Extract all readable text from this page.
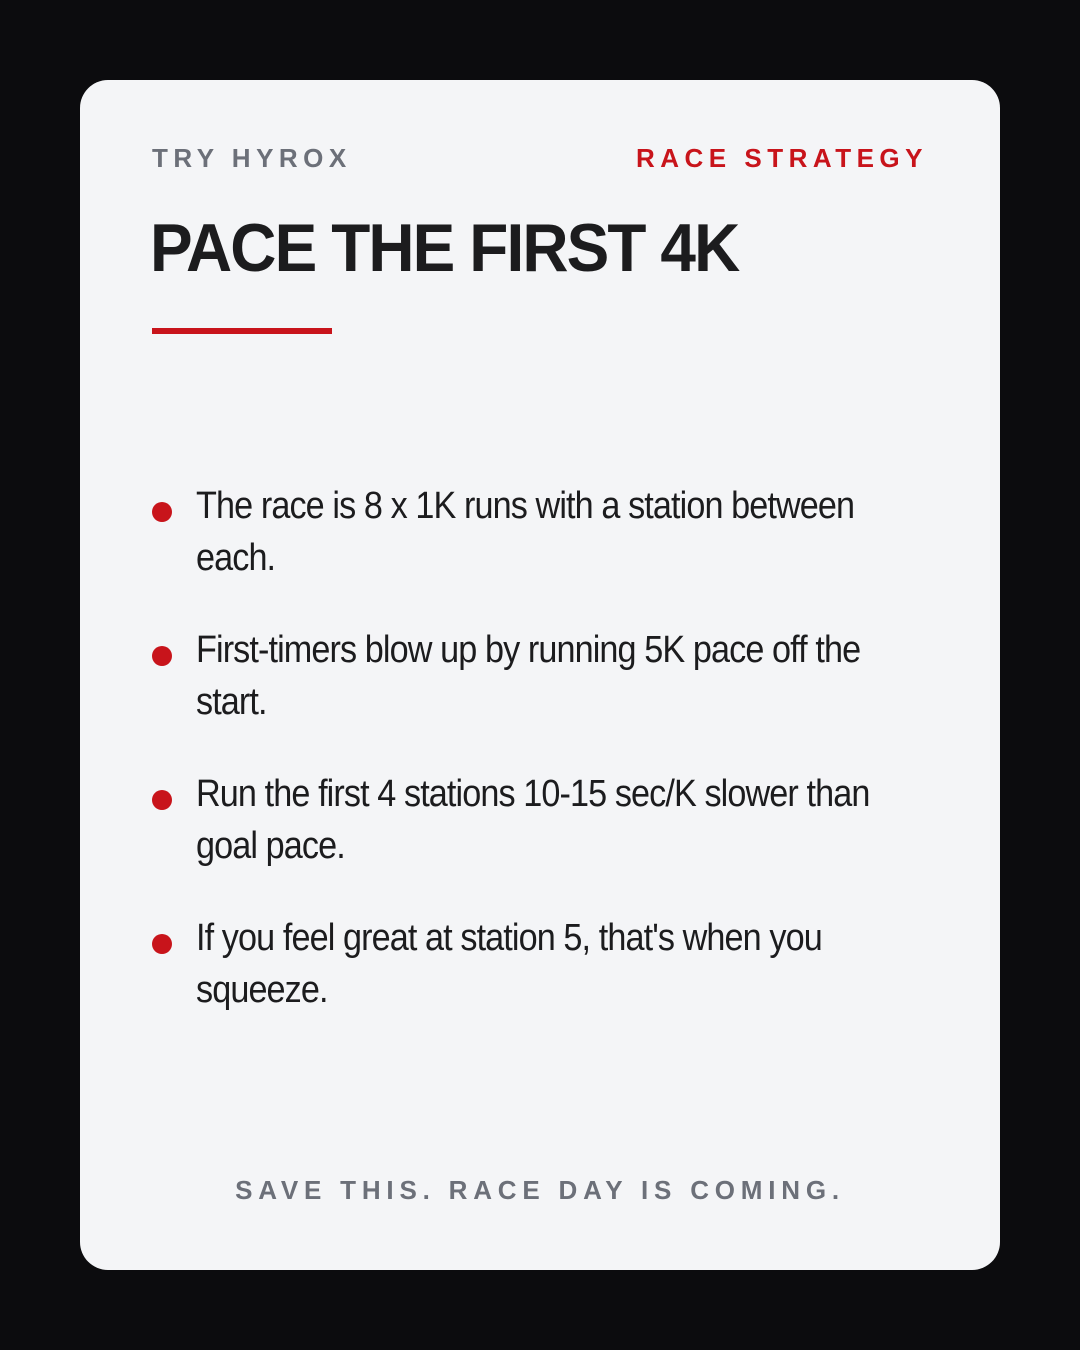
TRY HYROX	RACE STRATEGY
PACE THE FIRST 4K
The race is 8 x 1K runs with a station between each.
First-timers blow up by running 5K pace off the start.
Run the first 4 stations 10-15 sec/K slower than goal pace.
If you feel great at station 5, that's when you squeeze.
SAVE THIS. RACE DAY IS COMING.
